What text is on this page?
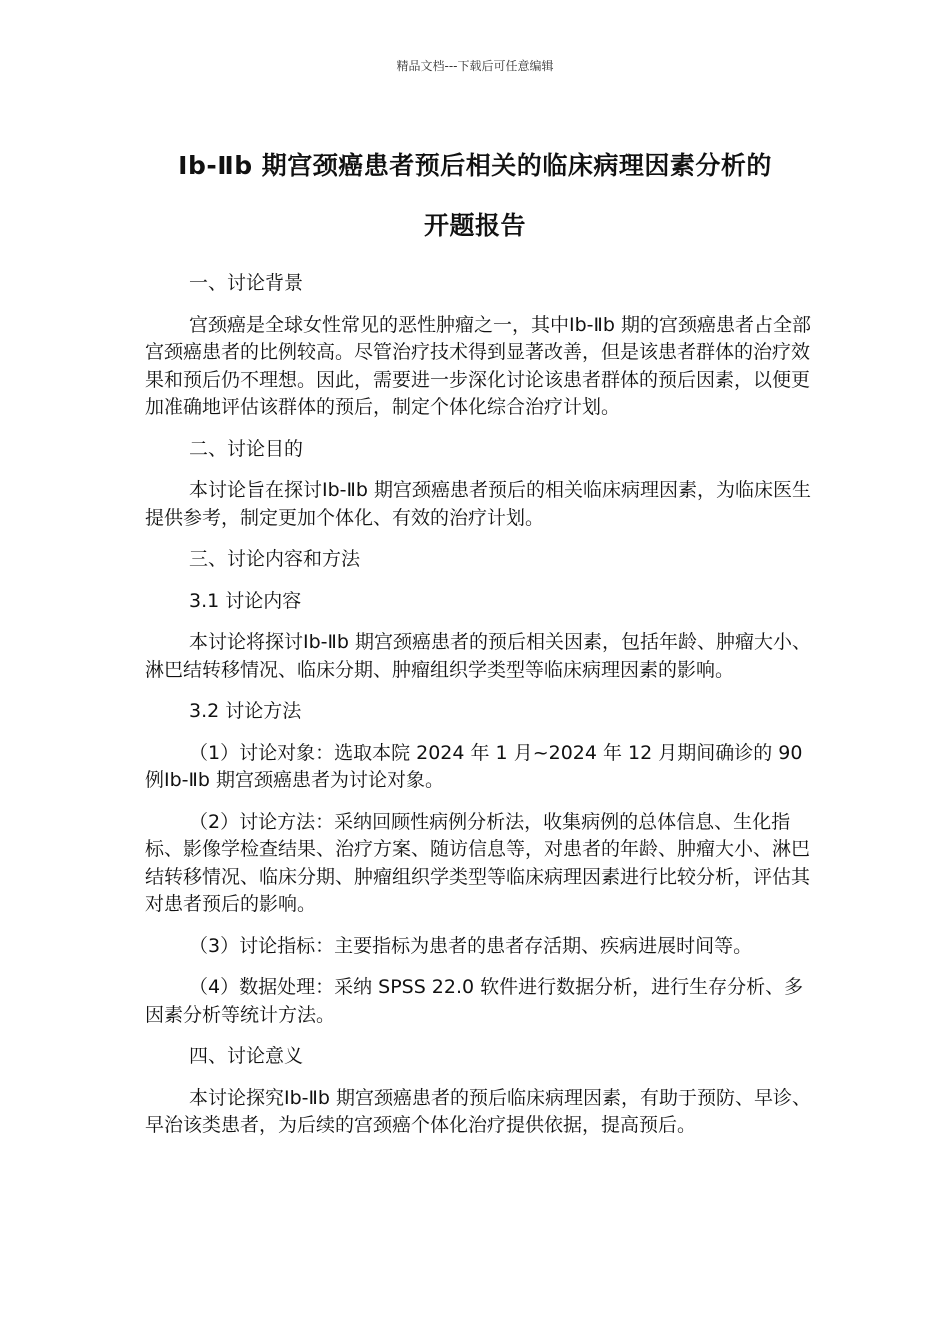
精品文档---下载后可任意编辑
Ⅰb-Ⅱb 期宫颈癌患者预后相关的临床病理因素分析的
开题报告

一、讨论背景

宫颈癌是全球女性常见的恶性肿瘤之一，其中Ⅰb-Ⅱb 期的宫颈癌患者占全部宫颈癌患者的比例较高。尽管治疗技术得到显著改善，但是该患者群体的治疗效果和预后仍不理想。因此，需要进一步深化讨论该患者群体的预后因素，以便更加准确地评估该群体的预后，制定个体化综合治疗计划。

二、讨论目的

本讨论旨在探讨Ⅰb-Ⅱb 期宫颈癌患者预后的相关临床病理因素，为临床医生提供参考，制定更加个体化、有效的治疗计划。

三、讨论内容和方法

3.1 讨论内容

本讨论将探讨Ⅰb-Ⅱb 期宫颈癌患者的预后相关因素，包括年龄、肿瘤大小、淋巴结转移情况、临床分期、肿瘤组织学类型等临床病理因素的影响。

3.2 讨论方法

（1）讨论对象：选取本院 2024 年 1 月~2024 年 12 月期间确诊的 90 例Ⅰb-Ⅱb 期宫颈癌患者为讨论对象。

（2）讨论方法：采纳回顾性病例分析法，收集病例的总体信息、生化指标、影像学检查结果、治疗方案、随访信息等，对患者的年龄、肿瘤大小、淋巴结转移情况、临床分期、肿瘤组织学类型等临床病理因素进行比较分析，评估其对患者预后的影响。

（3）讨论指标：主要指标为患者的患者存活期、疾病进展时间等。

（4）数据处理：采纳 SPSS 22.0 软件进行数据分析，进行生存分析、多因素分析等统计方法。

四、讨论意义

本讨论探究Ⅰb-Ⅱb 期宫颈癌患者的预后临床病理因素，有助于预防、早诊、早治该类患者，为后续的宫颈癌个体化治疗提供依据，提高预后。
